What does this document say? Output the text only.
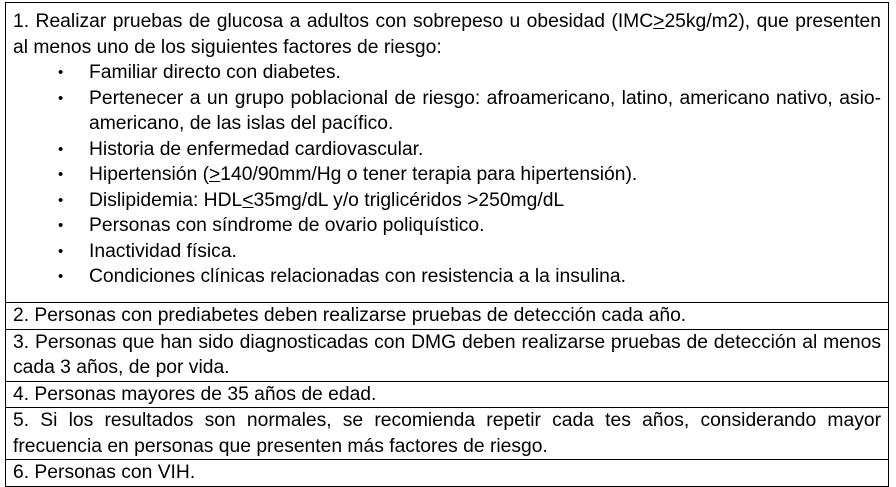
1. Realizar pruebas de glucosa a adultos con sobrepeso u obesidad (IMC≥25kg/m2), que presenten al menos uno de los siguientes factores de riesgo:
• Familiar directo con diabetes.
• Pertenecer a un grupo poblacional de riesgo: afroamericano, latino, americano nativo, asio-americano, de las islas del pacífico.
• Historia de enfermedad cardiovascular.
• Hipertensión (≥140/90mm/Hg o tener terapia para hipertensión).
• Dislipidemia: HDL≤35mg/dL y/o triglicéridos >250mg/dL
• Personas con síndrome de ovario poliquístico.
• Inactividad física.
• Condiciones clínicas relacionadas con resistencia a la insulina.

2. Personas con prediabetes deben realizarse pruebas de detección cada año.
3. Personas que han sido diagnosticadas con DMG deben realizarse pruebas de detección al menos cada 3 años, de por vida.
4. Personas mayores de 35 años de edad.
5. Si los resultados son normales, se recomienda repetir cada tes años, considerando mayor frecuencia en personas que presenten más factores de riesgo.
6. Personas con VIH.
